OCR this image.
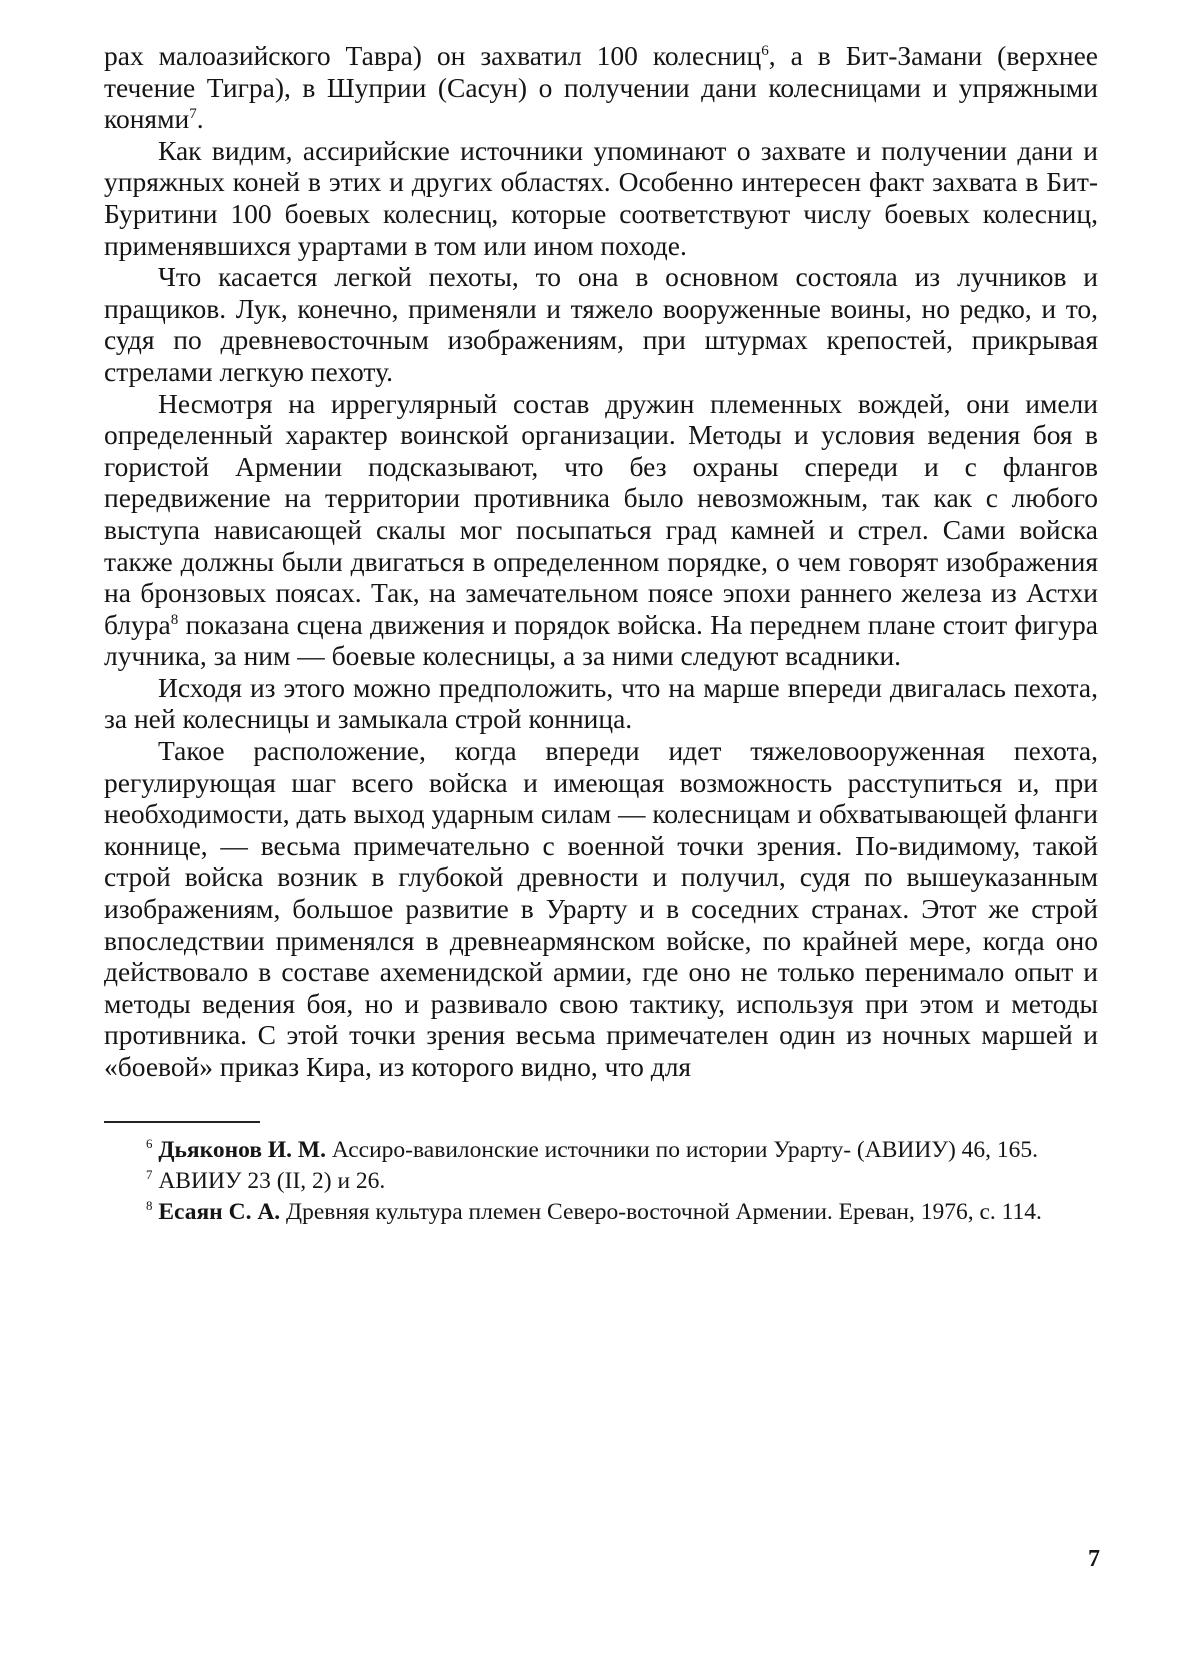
рах малоазийского Тавра) он захватил 100 колесниц$^6$, а в Бит-Замани (верхнее течение Тигра), в Шуприи (Сасун) о получении дани колесницами и упряжными конями$^7$.

Как видим, ассирийские источники упоминают о захвате и получении дани и упряжных коней в этих и других областях. Особенно интересен факт захвата в Бит-Буритини 100 боевых колесниц, которые соответствуют числу боевых колесниц, применявшихся урартами в том или ином походе.

Что касается легкой пехоты, то она в основном состояла из лучников и пращиков. Лук, конечно, применяли и тяжело вооруженные воины, но редко, и то, судя по древневосточным изображениям, при штурмах крепостей, прикрывая стрелами легкую пехоту.

Несмотря на иррегулярный состав дружин племенных вождей, они имели определенный характер воинской организации. Методы и условия ведения боя в гористой Армении подсказывают, что без охраны спереди и с флангов передвижение на территории противника было невозможным, так как с любого выступа нависающей скалы мог посыпаться град камней и стрел. Сами войска также должны были двигаться в определенном порядке, о чем говорят изображения на бронзовых поясах. Так, на замечательном поясе эпохи раннего железа из Астхи блура$^8$ показана сцена движения и порядок войска. На переднем плане стоит фигура лучника, за ним — боевые колесницы, а за ними следуют всадники.

Исходя из этого можно предположить, что на марше впереди двигалась пехота, за ней колесницы и замыкала строй конница.

Такое расположение, когда впереди идет тяжеловооруженная пехота, регулирующая шаг всего войска и имеющая возможность расступиться и, при необходимости, дать выход ударным силам — колесницам и обхватывающей фланги коннице, — весьма примечательно с военной точки зрения. По-видимому, такой строй войска возник в глубокой древности и получил, судя по вышеуказанным изображениям, большое развитие в Урарту и в соседних странах. Этот же строй впоследствии применялся в древнеармянском войске, по крайней мере, когда оно действовало в составе ахеменидской армии, где оно не только перенимало опыт и методы ведения боя, но и развивало свою тактику, используя при этом и методы противника. С этой точки зрения весьма примечателен один из ночных маршей и «боевой» приказ Кира, из которого видно, что для

$^6$ Дьяконов И. М. Ассиро-вавилонские источники по истории Урарту- (АВИИУ) 46, 165.

$^7$ АВИИУ 23 (II, 2) и 26.

$^8$ Есаян С. А. Древняя культура племен Северо-восточной Армении. Ереван, 1976, с. 114.

7
